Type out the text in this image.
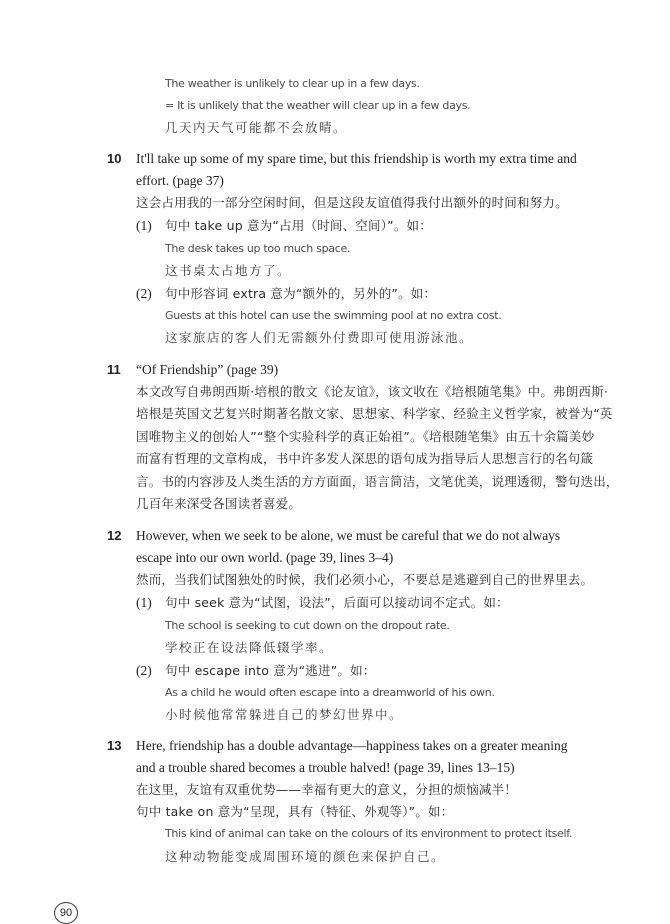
The weather is unlikely to clear up in a few days.
= It is unlikely that the weather will clear up in a few days.
几天内天气可能都不会放晴。
10 It'll take up some of my spare time, but this friendship is worth my extra time and
effort. (page 37)
这会占用我的一部分空闲时间，但是这段友谊值得我付出额外的时间和努力。
(1) 句中 take up 意为“占用（时间、空间）”。如：
The desk takes up too much space.
这书桌太占地方了。
(2) 句中形容词 extra 意为“额外的，另外的”。如：
Guests at this hotel can use the swimming pool at no extra cost.
这家旅店的客人们无需额外付费即可使用游泳池。
11 “Of Friendship” (page 39)
本文改写自弗朗西斯·培根的散文《论友谊》，该文收在《培根随笔集》中。弗朗西斯·
培根是英国文艺复兴时期著名散文家、思想家、科学家、经验主义哲学家，被誉为“英
国唯物主义的创始人”“整个实验科学的真正始祖”。《培根随笔集》由五十余篇美妙
而富有哲理的文章构成，书中许多发人深思的语句成为指导后人思想言行的名句箴
言。书的内容涉及人类生活的方方面面，语言简洁，文笔优美，说理透彻，警句迭出，
几百年来深受各国读者喜爱。
12 However, when we seek to be alone, we must be careful that we do not always
escape into our own world. (page 39, lines 3–4)
然而，当我们试图独处的时候，我们必须小心，不要总是逃避到自己的世界里去。
(1) 句中 seek 意为“试图，设法”，后面可以接动词不定式。如：
The school is seeking to cut down on the dropout rate.
学校正在设法降低辍学率。
(2) 句中 escape into 意为“逃进”。如：
As a child he would often escape into a dreamworld of his own.
小时候他常常躲进自己的梦幻世界中。
13 Here, friendship has a double advantage—happiness takes on a greater meaning
and a trouble shared becomes a trouble halved! (page 39, lines 13–15)
在这里，友谊有双重优势——幸福有更大的意义，分担的烦恼减半！
句中 take on 意为“呈现，具有（特征、外观等）”。如：
This kind of animal can take on the colours of its environment to protect itself.
这种动物能变成周围环境的颜色来保护自己。
90
